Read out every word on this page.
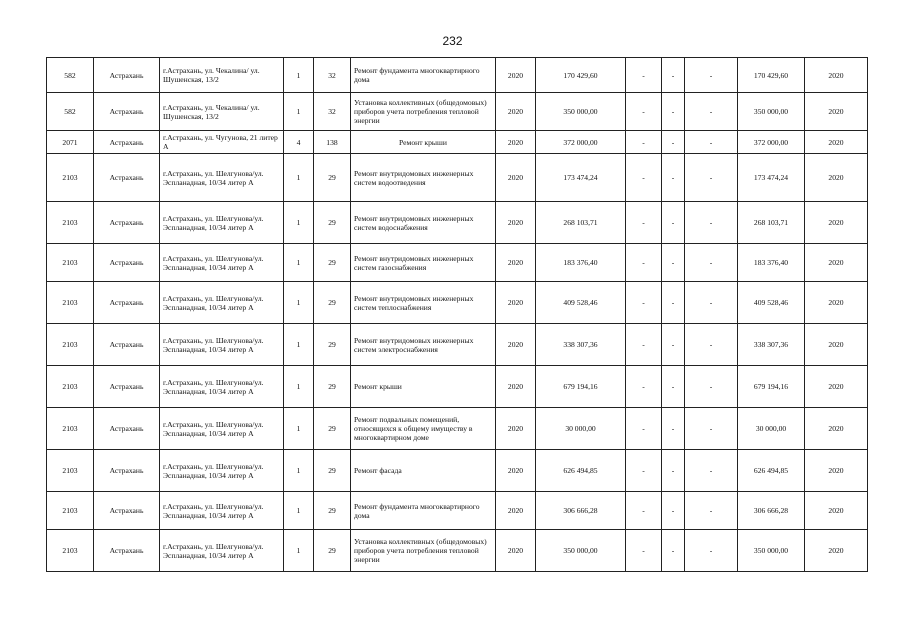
232
582	Астрахань	г.Астрахань, ул. Чекалина/ ул. Шушенская, 13/2	1	32	Ремонт фундамента многоквартирного дома	2020	170 429,60	-	-	-	170 429,60	2020
582	Астрахань	г.Астрахань, ул. Чекалина/ ул. Шушенская, 13/2	1	32	Установка коллективных (общедомовых) приборов учета потребления тепловой энергии	2020	350 000,00	-	-	-	350 000,00	2020
2071	Астрахань	г.Астрахань, ул. Чугунова, 21 литер А	4	138	Ремонт крыши	2020	372 000,00	-	-	-	372 000,00	2020
2103	Астрахань	г.Астрахань, ул. Шелгунова/ул. Эспланадная, 10/34 литер А	1	29	Ремонт внутридомовых инженерных систем водоотведения	2020	173 474,24	-	-	-	173 474,24	2020
2103	Астрахань	г.Астрахань, ул. Шелгунова/ул. Эспланадная, 10/34 литер А	1	29	Ремонт внутридомовых инженерных систем водоснабжения	2020	268 103,71	-	-	-	268 103,71	2020
2103	Астрахань	г.Астрахань, ул. Шелгунова/ул. Эспланадная, 10/34 литер А	1	29	Ремонт внутридомовых инженерных систем газоснабжения	2020	183 376,40	-	-	-	183 376,40	2020
2103	Астрахань	г.Астрахань, ул. Шелгунова/ул. Эспланадная, 10/34 литер А	1	29	Ремонт внутридомовых инженерных систем теплоснабжения	2020	409 528,46	-	-	-	409 528,46	2020
2103	Астрахань	г.Астрахань, ул. Шелгунова/ул. Эспланадная, 10/34 литер А	1	29	Ремонт внутридомовых инженерных систем электроснабжения	2020	338 307,36	-	-	-	338 307,36	2020
2103	Астрахань	г.Астрахань, ул. Шелгунова/ул. Эспланадная, 10/34 литер А	1	29	Ремонт крыши	2020	679 194,16	-	-	-	679 194,16	2020
2103	Астрахань	г.Астрахань, ул. Шелгунова/ул. Эспланадная, 10/34 литер А	1	29	Ремонт подвальных помещений, относящихся к общему имуществу в многоквартирном доме	2020	30 000,00	-	-	-	30 000,00	2020
2103	Астрахань	г.Астрахань, ул. Шелгунова/ул. Эспланадная, 10/34 литер А	1	29	Ремонт фасада	2020	626 494,85	-	-	-	626 494,85	2020
2103	Астрахань	г.Астрахань, ул. Шелгунова/ул. Эспланадная, 10/34 литер А	1	29	Ремонт фундамента многоквартирного дома	2020	306 666,28	-	-	-	306 666,28	2020
2103	Астрахань	г.Астрахань, ул. Шелгунова/ул. Эспланадная, 10/34 литер А	1	29	Установка коллективных (общедомовых) приборов учета потребления тепловой энергии	2020	350 000,00	-	-	-	350 000,00	2020
